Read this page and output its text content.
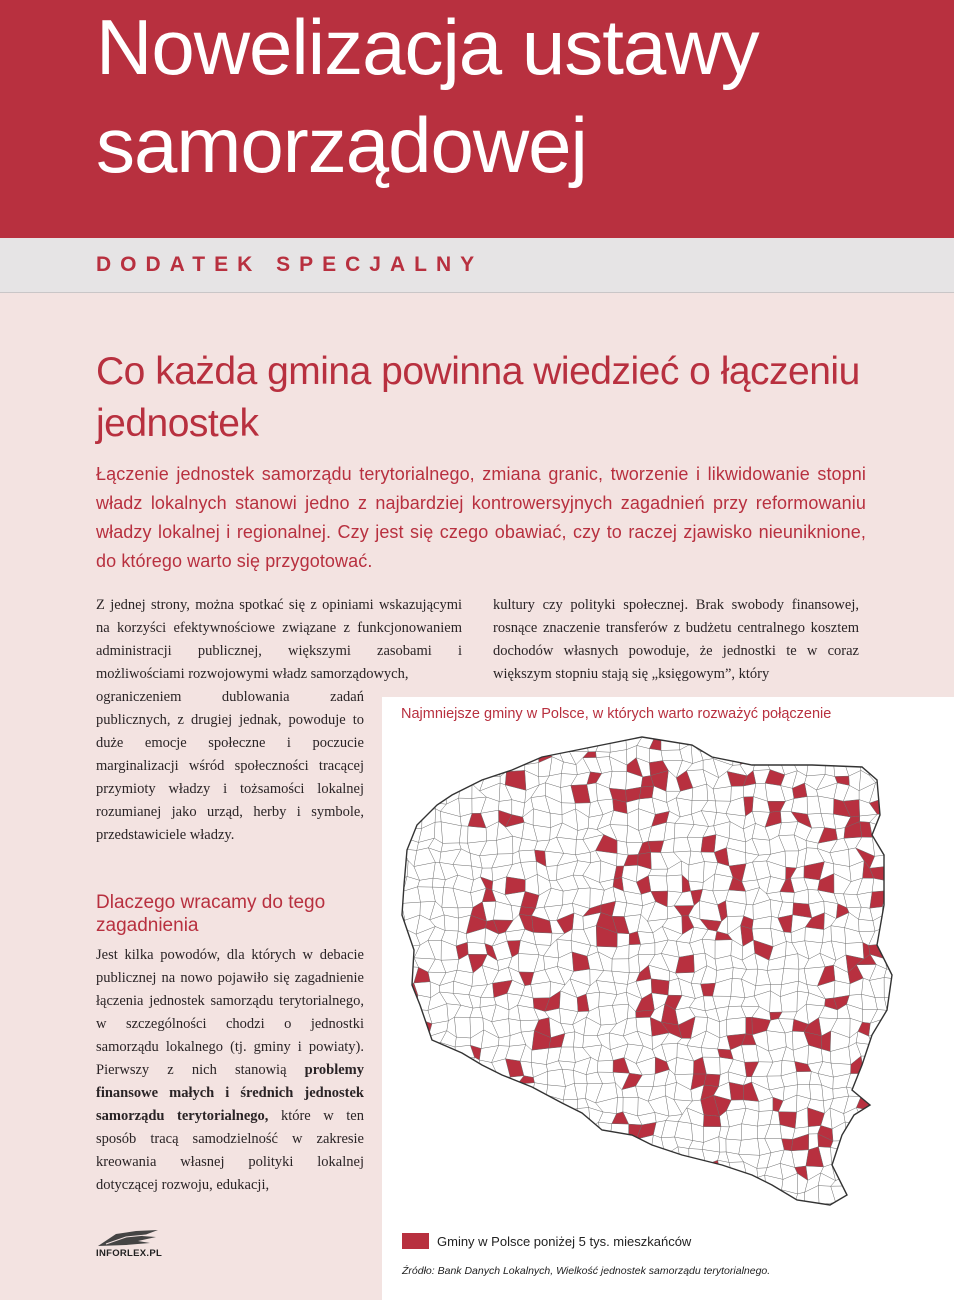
Nowelizacja ustawy samorządowej
DODATEK SPECJALNY
Co każda gmina powinna wiedzieć o łączeniu jednostek
Łączenie jednostek samorządu terytorialnego, zmiana granic, tworzenie i likwidowanie stopni władz lokalnych stanowi jedno z najbardziej kontrowersyjnych zagadnień przy reformowaniu władzy lokalnej i regionalnej. Czy jest się czego obawiać, czy to raczej zjawisko nieuniknione, do którego warto się przygotować.
Z jednej strony, można spotkać się z opiniami wskazującymi na korzyści efektywnościowe związane z funkcjonowaniem administracji publicznej, większymi zasobami i możliwościami rozwojowymi władz samorządowych,
ograniczeniem dublowania zadań publicznych, z drugiej jednak, powoduje to duże emocje społeczne i poczucie marginalizacji wśród społeczności tracącej przymioty władzy i tożsamości lokalnej rozumianej jako urząd, herby i symbole, przedstawiciele władzy.
kultury czy polityki społecznej. Brak swobody finansowej, rosnące znaczenie transferów z budżetu centralnego kosztem dochodów własnych powoduje, że jednostki te w coraz większym stopniu stają się „księgowym”, który
Dlaczego wracamy do tego zagadnienia
Jest kilka powodów, dla których w debacie publicznej na nowo pojawiło się zagadnienie łączenia jednostek samorządu terytorialnego, w szczególności chodzi o jednostki samorządu lokalnego (tj. gminy i powiaty). Pierwszy z nich stanowią problemy finansowe małych i średnich jednostek samorządu terytorialnego, które w ten sposób tracą samodzielność w zakresie kreowania własnej polityki lokalnej dotyczącej rozwoju, edukacji,
Najmniejsze gminy w Polsce, w których warto rozważyć połączenie
Gminy w Polsce poniżej 5 tys. mieszkańców
Źródło: Bank Danych Lokalnych, Wielkość jednostek samorządu terytorialnego.
INFORLEX.PL
